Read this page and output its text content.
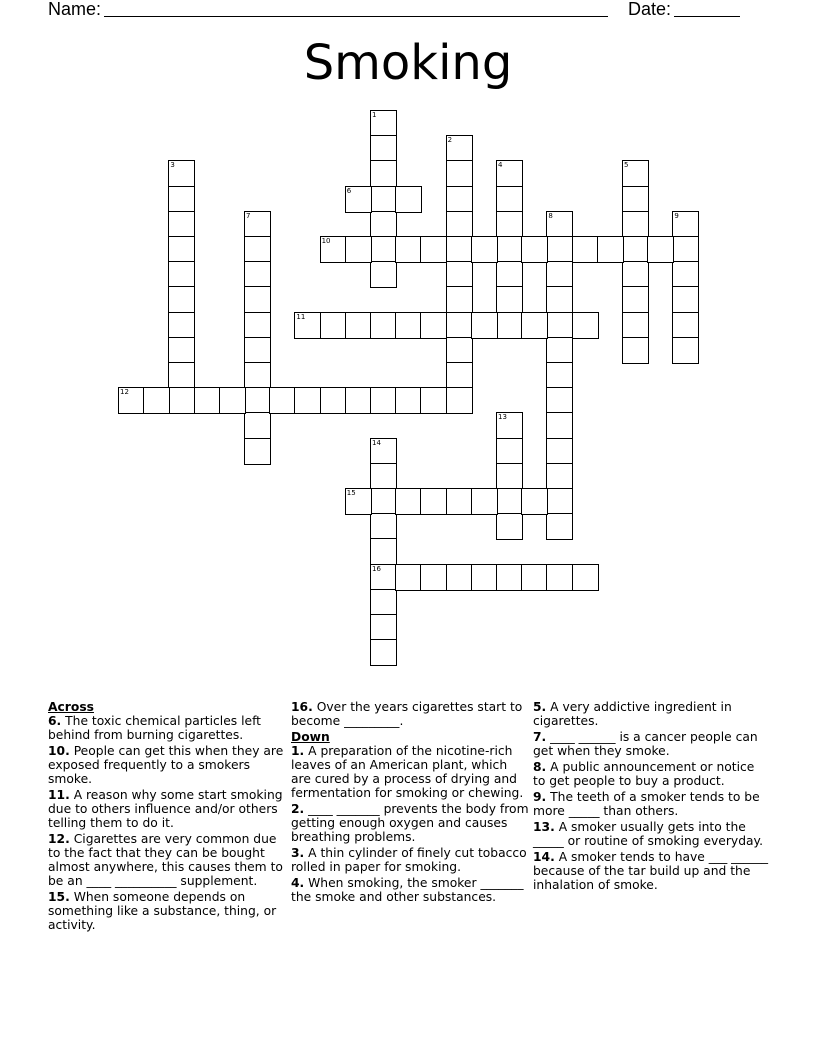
Name:	Date:
Smoking
1
2
3	4	5
6
7	8	9
10
11
12
13
14
16
15

Across

6. The toxic chemical particles left behind from burning cigarettes.

10. People can get this when they are exposed frequently to a smokers smoke.

11. A reason why some start smoking due to others influence and/or others telling them to do it.

12. Cigarettes are very common due to the fact that they can be bought almost anywhere, this causes them to be an ____ __________ supplement.

15. When someone depends on something like a substance, thing, or activity.

16. Over the years cigarettes start to become _________.

Down

1. A preparation of the nicotine-rich leaves of an American plant, which are cured by a process of drying and fermentation for smoking or chewing.

2. ____ _______ prevents the body from getting enough oxygen and causes breathing problems.

3. A thin cylinder of finely cut tobacco rolled in paper for smoking.

4. When smoking, the smoker _______ the smoke and other substances.

5. A very addictive ingredient in cigarettes.

7. ____ ______ is a cancer people can get when they smoke.

8. A public announcement or notice to get people to buy a product.

9. The teeth of a smoker tends to be more _____ than others.

13. A smoker usually gets into the _____ or routine of smoking everyday.

14. A smoker tends to have ___ ______ because of the tar build up and the inhalation of smoke.
